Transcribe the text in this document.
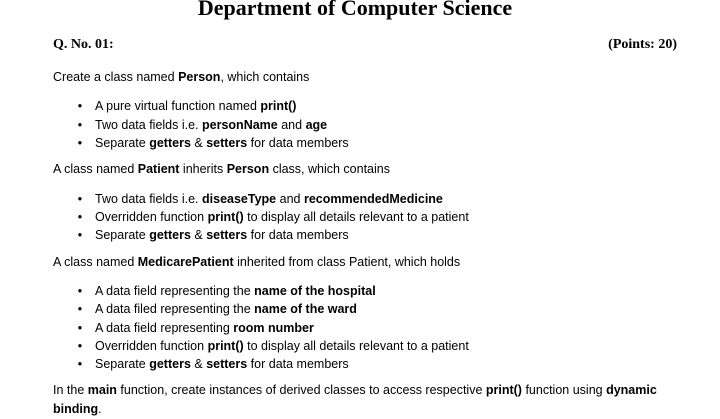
Department of Computer Science
Q. No. 01:	(Points: 20)
Create a class named Person, which contains
• A pure virtual function named print()
• Two data fields i.e. personName and age
• Separate getters & setters for data members
A class named Patient inherits Person class, which contains
• Two data fields i.e. diseaseType and recommendedMedicine
• Overridden function print() to display all details relevant to a patient
• Separate getters & setters for data members
A class named MedicarePatient inherited from class Patient, which holds
• A data field representing the name of the hospital
• A data filed representing the name of the ward
• A data field representing room number
• Overridden function print() to display all details relevant to a patient
• Separate getters & setters for data members
In the main function, create instances of derived classes to access respective print() function using dynamic binding.
